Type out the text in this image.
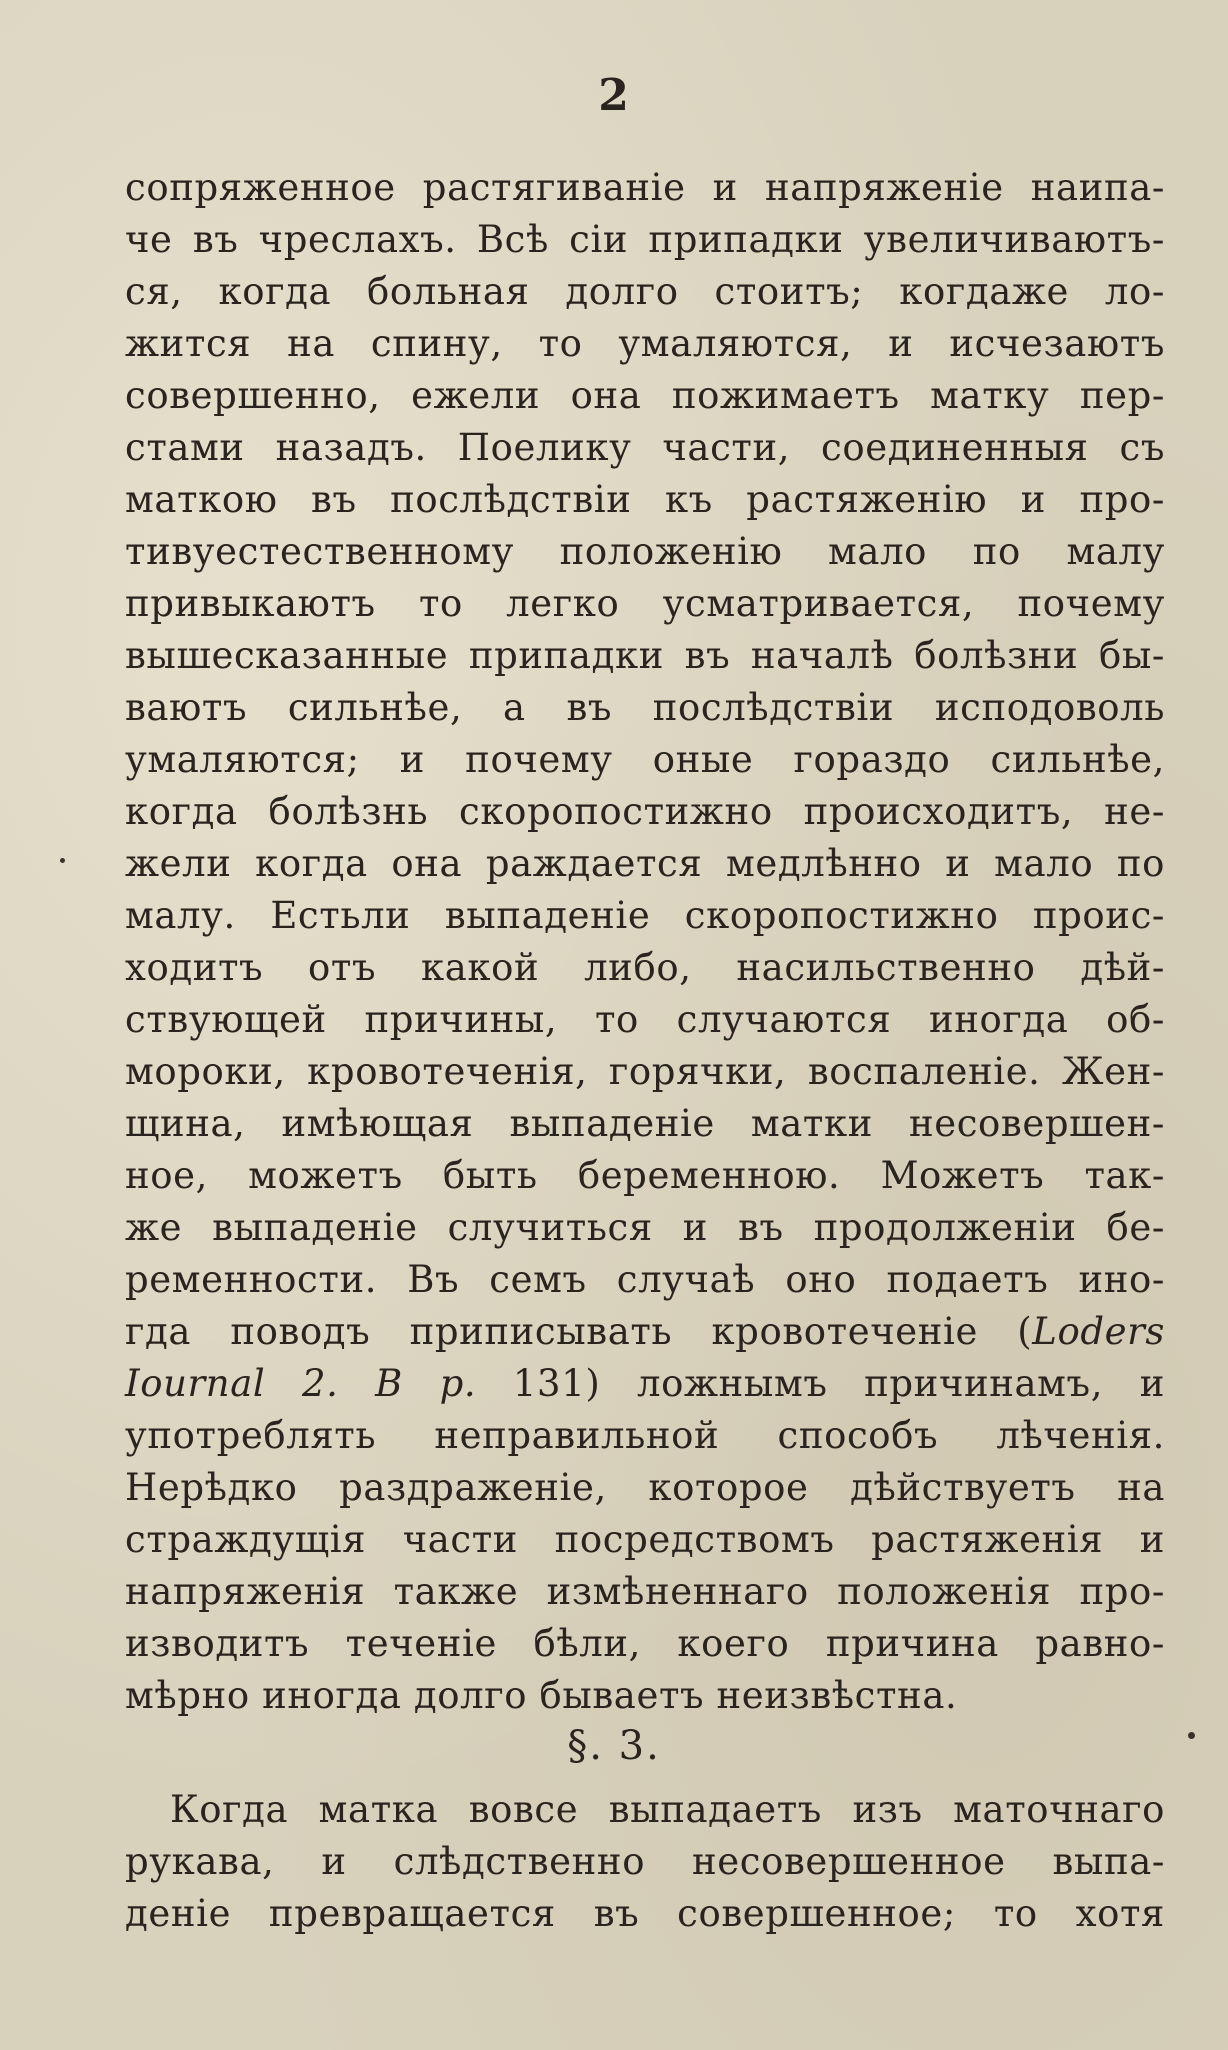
2
сопряженное растягиванiе и напряженiе наипа-
че въ чреслахъ. Всѣ сiи припадки увеличиваютъ-
ся, когда больная долго стоитъ; когдаже ло-
жится на спину, то умаляются, и исчезаютъ
совершенно, ежели она пожимаетъ матку пер-
стами назадъ. Поелику части, соединенныя съ
маткою въ послѣдствiи къ растяженiю и про-
тивуестественному положенiю мало по малу
привыкаютъ то легко усматривается, почему
вышесказанные припадки въ началѣ болѣзни бы-
ваютъ сильнѣе, а въ послѣдствiи исподоволь
умаляются; и почему оные гораздо сильнѣе,
когда болѣзнь скоропостижно происходитъ, не-
жели когда она раждается медлѣнно и мало по
малу. Естьли выпаденiе скоропостижно проис-
ходитъ отъ какой либо, насильственно дѣй-
ствующей причины, то случаются иногда об-
мороки, кровотеченiя, горячки, воспаленiе. Жен-
щина, имѣющая выпаденiе матки несовершен-
ное, можетъ быть беременною. Можетъ так-
же выпаденiе случиться и въ продолженiи бе-
ременности. Въ семъ случаѣ оно подаетъ ино-
гда поводъ приписывать кровотеченiе (Loders
Iournal 2. B p. 131) ложнымъ причинамъ, и
употреблять неправильной способъ лѣченiя.
Нерѣдко раздраженiе, которое дѣйствуетъ на
страждущiя части посредствомъ растяженiя и
напряженiя также измѣненнаго положенiя про-
изводитъ теченiе бѣли, коего причина равно-
мѣрно иногда долго бываетъ неизвѣстна.
§. 3.
Когда матка вовсе выпадаетъ изъ маточнаго
рукава, и слѣдственно несовершенное выпа-
денiе превращается въ совершенное; то хотя
